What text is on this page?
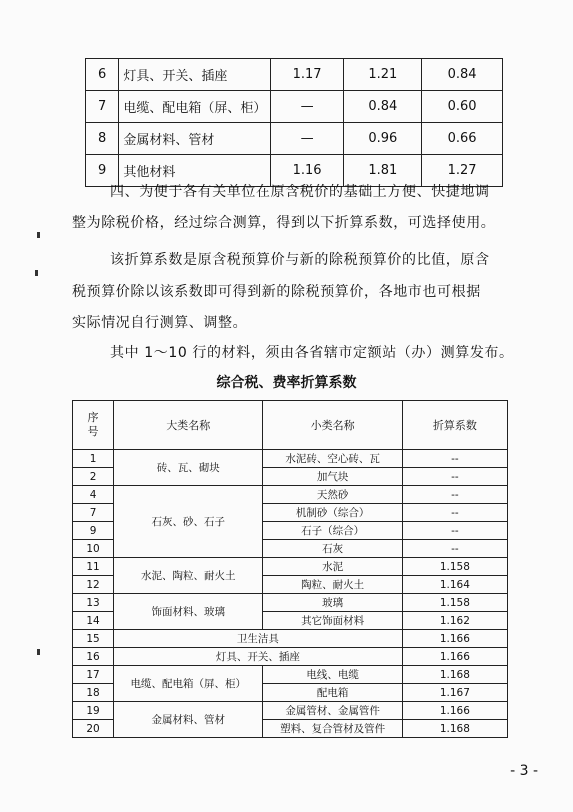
6	灯具、开关、插座	1.17	1.21	0.84
7	电缆、配电箱（屏、柜）	—	0.84	0.60
8	金属材料、管材	—	0.96	0.66
9	其他材料	1.16	1.81	1.27
四、为便于各有关单位在原含税价的基础上方便、快捷地调
整为除税价格，经过综合测算，得到以下折算系数，可选择使用。
该折算系数是原含税预算价与新的除税预算价的比值，原含
税预算价除以该系数即可得到新的除税预算价，各地市也可根据
实际情况自行测算、调整。
其中 1～10 行的材料，须由各省辖市定额站（办）测算发布。
综合税、费率折算系数
序
号	大类名称	小类名称	折算系数
1	砖、瓦、砌块	水泥砖、空心砖、瓦	--
2		加气块	--
4	石灰、砂、石子	天然砂	--
7		机制砂（综合）	--
9		石子（综合）	--
10		石灰	--
11	水泥、陶粒、耐火土	水泥	1.158
12		陶粒、耐火土	1.164
13	饰面材料、玻璃	玻璃	1.158
14		其它饰面材料	1.162
15	卫生洁具		1.166
16	灯具、开关、插座		1.166
17	电缆、配电箱（屏、柜）	电线、电缆	1.168
18		配电箱	1.167
19	金属材料、管材	金属管材、金属管件	1.166
20		塑料、复合管材及管件	1.168
- 3 -
